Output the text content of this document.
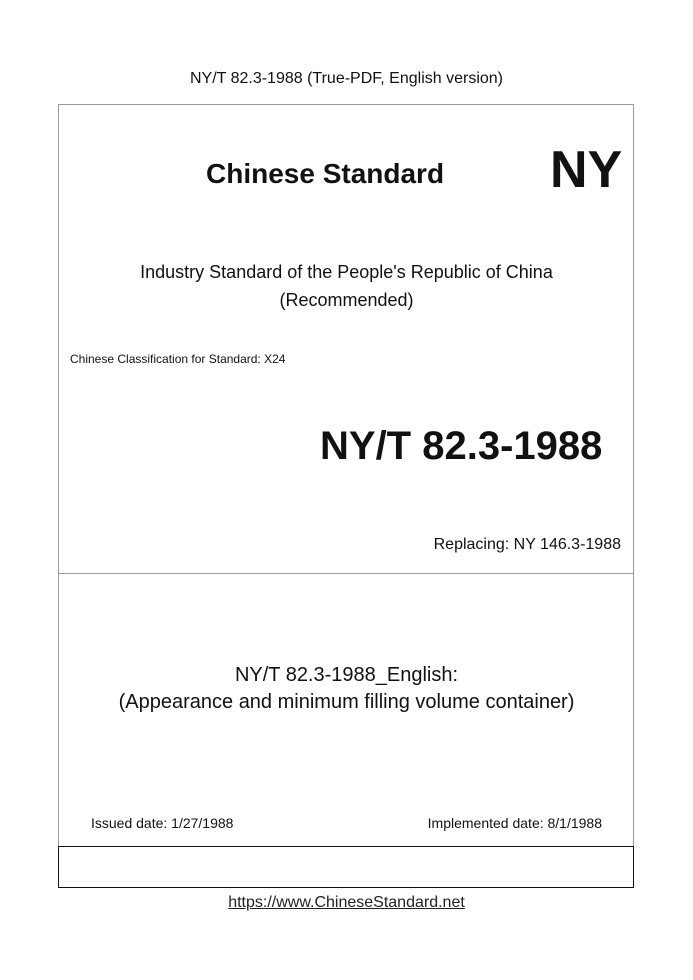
NY/T 82.3-1988 (True-PDF, English version)
Chinese Standard NY
Industry Standard of the People's Republic of China
(Recommended)
Chinese Classification for Standard: X24
NY/T 82.3-1988
Replacing: NY 146.3-1988
NY/T 82.3-1988_English:
(Appearance and minimum filling volume container)
Issued date: 1/27/1988	Implemented date: 8/1/1988
https://www.ChineseStandard.net
